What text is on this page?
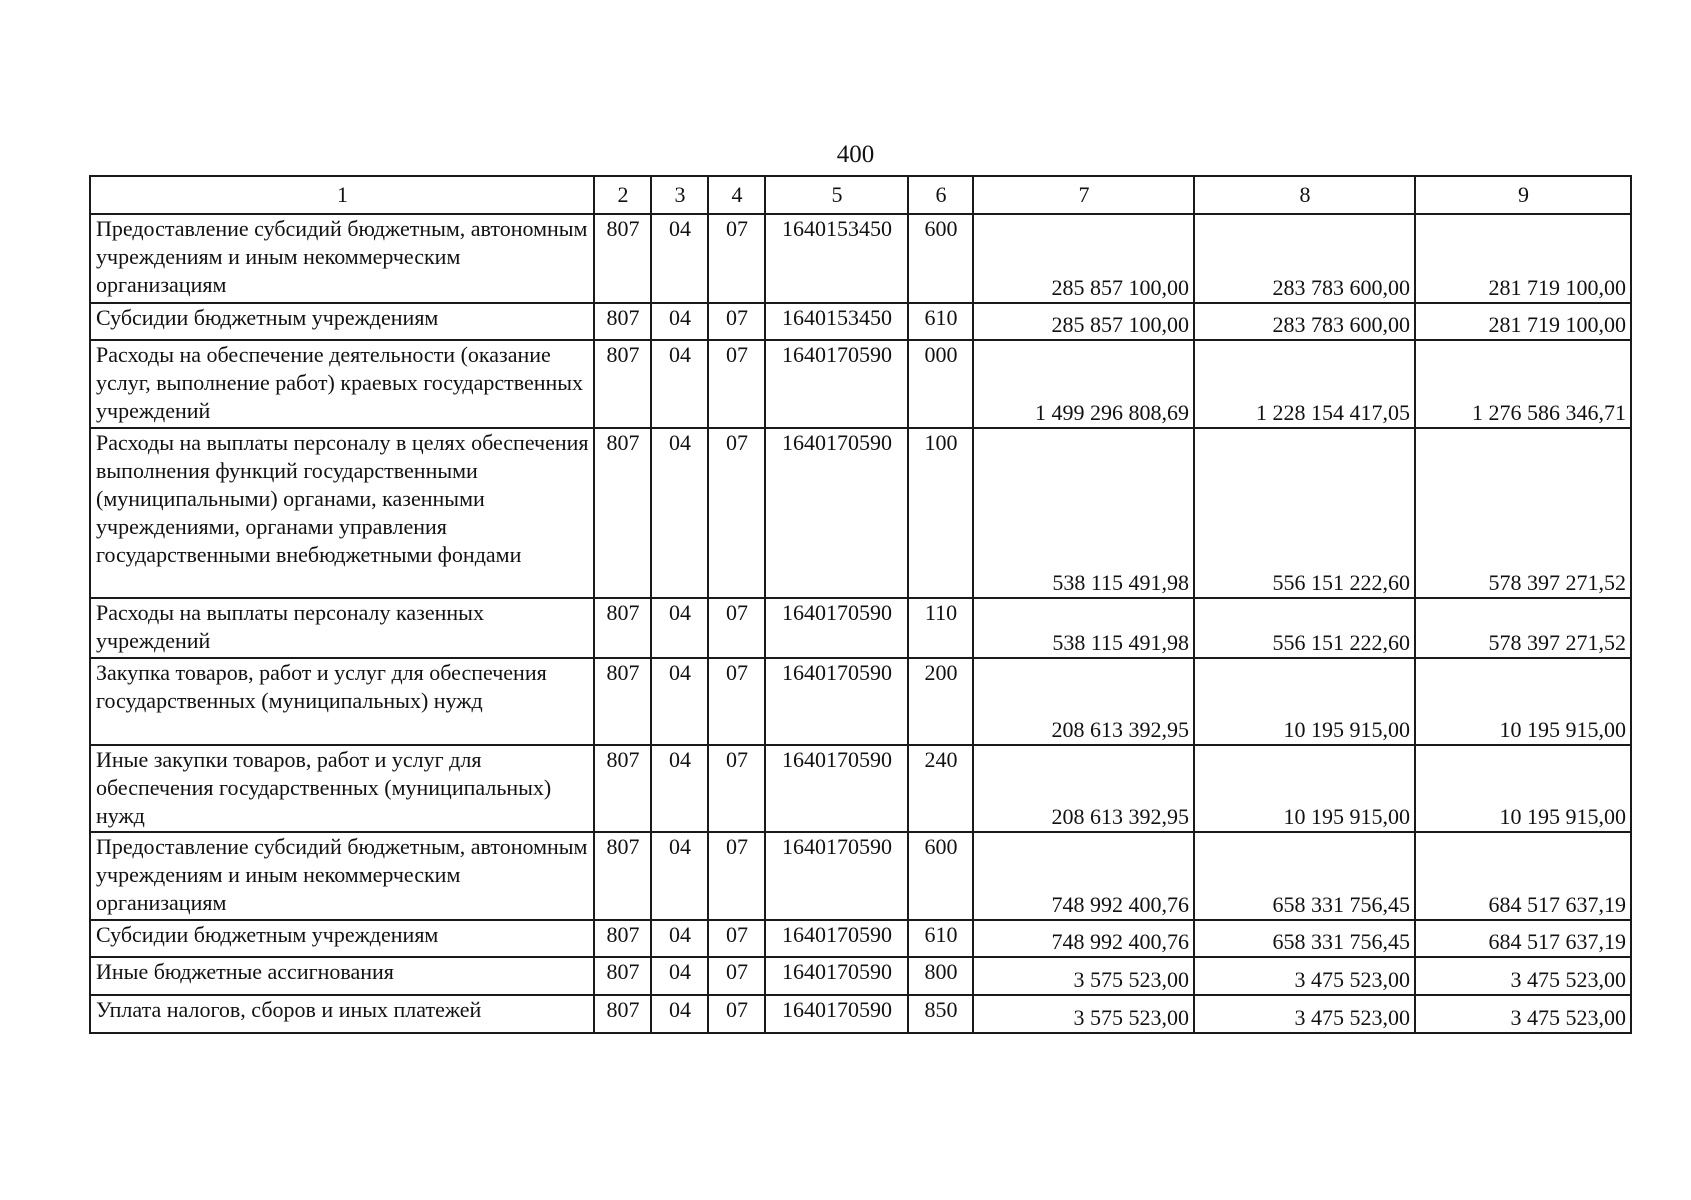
400
1	2	3	4	5	6	7	8	9
Предоставление субсидий бюджетным, автономным учреждениям и иным некоммерческим организациям	807	04	07	1640153450	600	285 857 100,00	283 783 600,00	281 719 100,00
Субсидии бюджетным учреждениям	807	04	07	1640153450	610	285 857 100,00	283 783 600,00	281 719 100,00
Расходы на обеспечение деятельности (оказание услуг, выполнение работ) краевых государственных учреждений	807	04	07	1640170590	000	1 499 296 808,69	1 228 154 417,05	1 276 586 346,71
Расходы на выплаты персоналу в целях обеспечения выполнения функций государственными (муниципальными) органами, казенными учреждениями, органами управления государственными внебюджетными фондами	807	04	07	1640170590	100	538 115 491,98	556 151 222,60	578 397 271,52
Расходы на выплаты персоналу казенных учреждений	807	04	07	1640170590	110	538 115 491,98	556 151 222,60	578 397 271,52
Закупка товаров, работ и услуг для обеспечения государственных (муниципальных) нужд	807	04	07	1640170590	200	208 613 392,95	10 195 915,00	10 195 915,00
Иные закупки товаров, работ и услуг для обеспечения государственных (муниципальных) нужд	807	04	07	1640170590	240	208 613 392,95	10 195 915,00	10 195 915,00
Предоставление субсидий бюджетным, автономным учреждениям и иным некоммерческим организациям	807	04	07	1640170590	600	748 992 400,76	658 331 756,45	684 517 637,19
Субсидии бюджетным учреждениям	807	04	07	1640170590	610	748 992 400,76	658 331 756,45	684 517 637,19
Иные бюджетные ассигнования	807	04	07	1640170590	800	3 575 523,00	3 475 523,00	3 475 523,00
Уплата налогов, сборов и иных платежей	807	04	07	1640170590	850	3 575 523,00	3 475 523,00	3 475 523,00
